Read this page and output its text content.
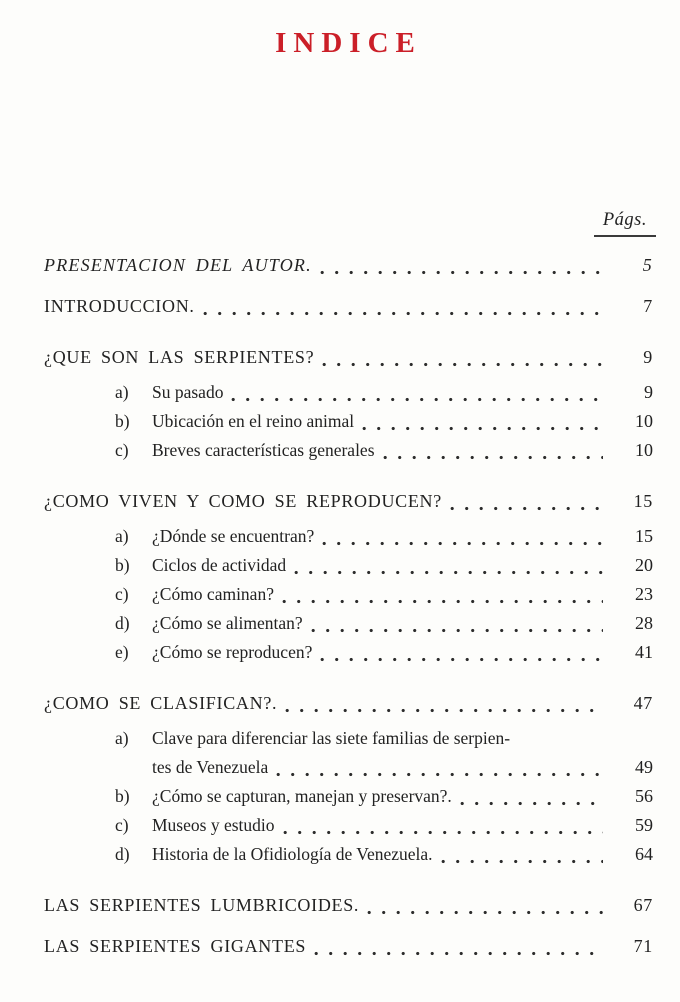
INDICE
Págs.
PRESENTACION DEL AUTOR.	5
INTRODUCCION.	7
¿QUE SON LAS SERPIENTES?	9
a)	Su pasado	9
b)	Ubicación en el reino animal	10
c)	Breves características generales	10
¿COMO VIVEN Y COMO SE REPRODUCEN?	15
a)	¿Dónde se encuentran?	15
b)	Ciclos de actividad	20
c)	¿Cómo caminan?	23
d)	¿Cómo se alimentan?	28
e)	¿Cómo se reproducen?	41
¿COMO SE CLASIFICAN?.	47
a)	Clave para diferenciar las siete familias de serpien-
tes de Venezuela	49
b)	¿Cómo se capturan, manejan y preservan?.	56
c)	Museos y estudio	59
d)	Historia de la Ofidiología de Venezuela.	64
LAS SERPIENTES LUMBRICOIDES.	67
LAS SERPIENTES GIGANTES	71
